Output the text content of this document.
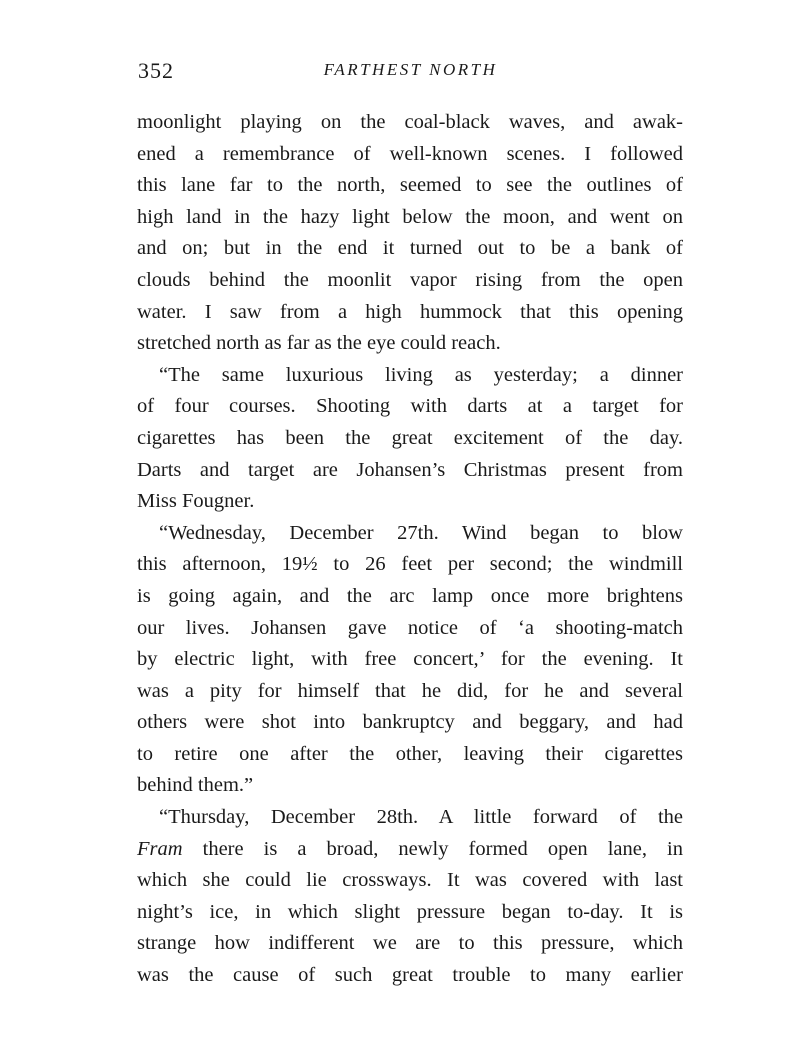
352	FARTHEST NORTH
moonlight playing on the coal-black waves, and awak-
ened a remembrance of well-known scenes. I followed
this lane far to the north, seemed to see the outlines of
high land in the hazy light below the moon, and went on
and on; but in the end it turned out to be a bank of
clouds behind the moonlit vapor rising from the open
water. I saw from a high hummock that this opening
stretched north as far as the eye could reach.
“The same luxurious living as yesterday; a dinner
of four courses. Shooting with darts at a target for
cigarettes has been the great excitement of the day.
Darts and target are Johansen’s Christmas present from
Miss Fougner.
“Wednesday, December 27th. Wind began to blow
this afternoon, 19½ to 26 feet per second; the windmill
is going again, and the arc lamp once more brightens
our lives. Johansen gave notice of ‘a shooting-match
by electric light, with free concert,’ for the evening. It
was a pity for himself that he did, for he and several
others were shot into bankruptcy and beggary, and had
to retire one after the other, leaving their cigarettes
behind them.”
“Thursday, December 28th. A little forward of the
Fram there is a broad, newly formed open lane, in
which she could lie crossways. It was covered with last
night’s ice, in which slight pressure began to-day. It is
strange how indifferent we are to this pressure, which
was the cause of such great trouble to many earlier
